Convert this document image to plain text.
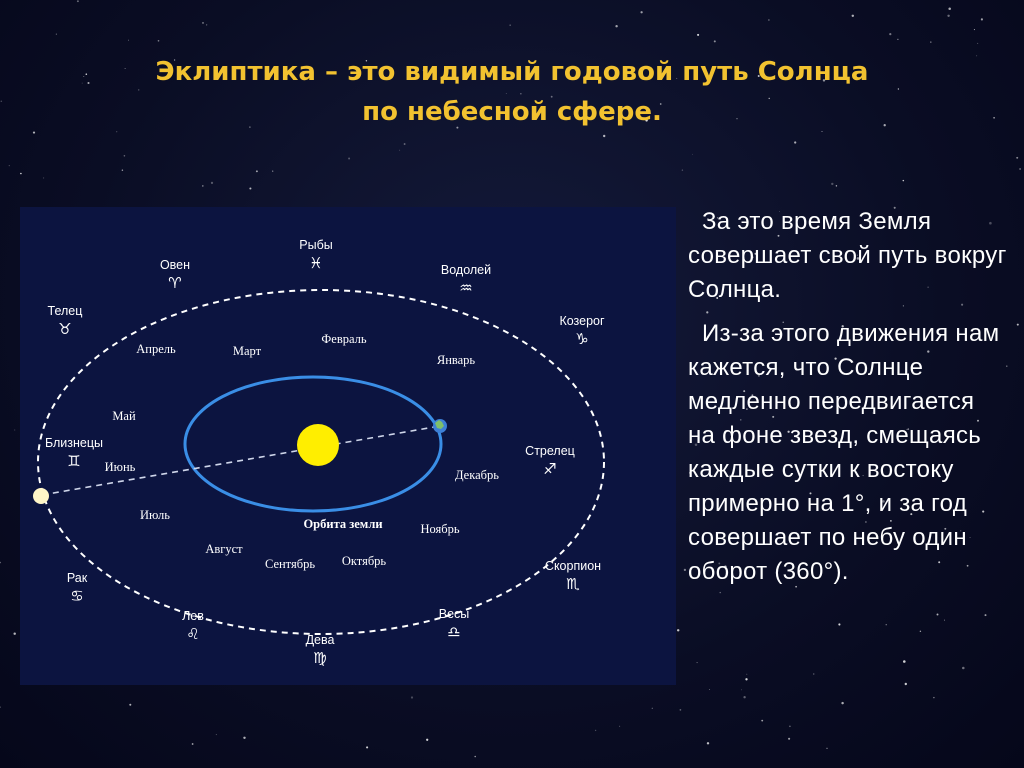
Эклиптика – это видимый годовой путь Солнца
по небесной сфере.
Рыбы
♓
Овен
♈
Водолей
♒
Телец
♉	Козерог
♑
Близнецы
♊
Стрелец
♐
Рак
♋
Скорпион
♏
Лев
♌
Весы
♎
Дева
♍
Февраль
Март
Апрель
Январь
Май
Июнь
Декабрь
Июль
Ноябрь
Август
Сентябрь Октябрь
Орбита земли

За это время Земля совершает свой путь вокруг Солнца.

Из-за этого движения нам кажется, что Солнце медленно передвигается на фоне звезд, смещаясь каждые сутки к востоку примерно на 1°, и за год совершает по небу один оборот (360°).
